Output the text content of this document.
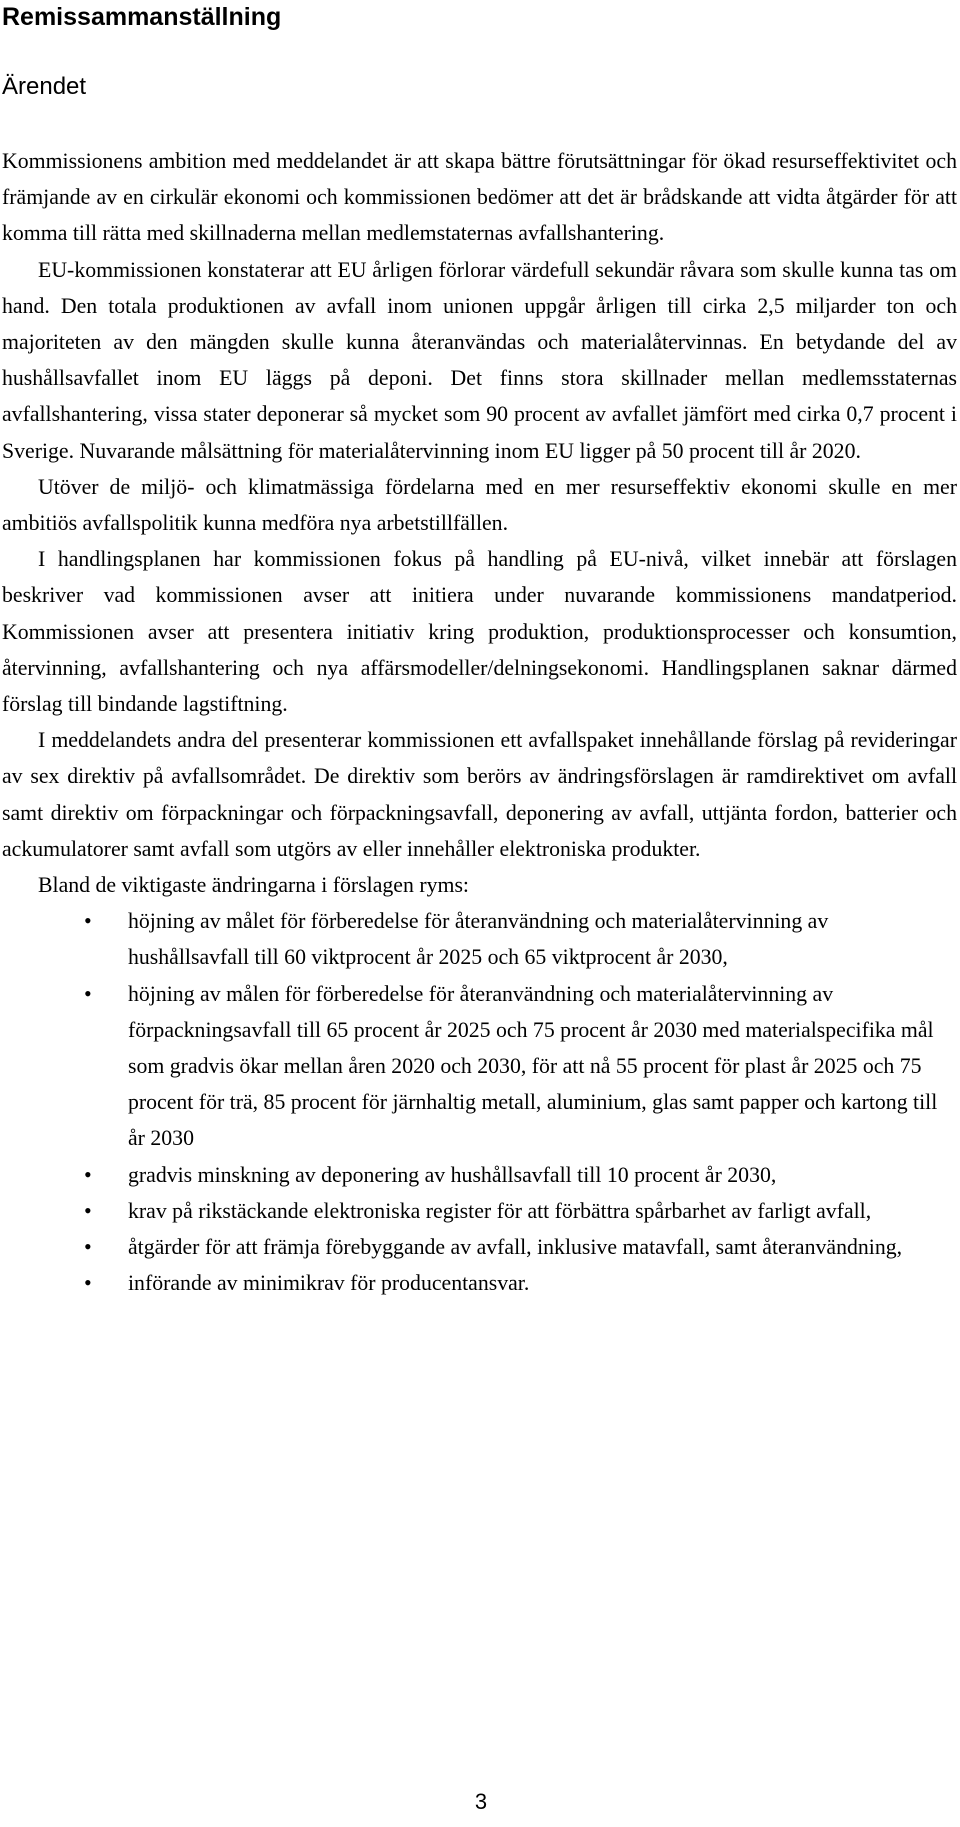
Remissammanställning
Ärendet

Kommissionens ambition med meddelandet är att skapa bättre förutsättningar för ökad resurseffektivitet och främjande av en cirkulär ekonomi och kommissionen bedömer att det är brådskande att vidta åtgärder för att komma till rätta med skillnaderna mellan medlemstaternas avfallshantering.

EU-kommissionen konstaterar att EU årligen förlorar värdefull sekundär råvara som skulle kunna tas om hand. Den totala produktionen av avfall inom unionen uppgår årligen till cirka 2,5 miljarder ton och majoriteten av den mängden skulle kunna återanvändas och materialåtervinnas. En betydande del av hushållsavfallet inom EU läggs på deponi. Det finns stora skillnader mellan medlemsstaternas avfallshantering, vissa stater deponerar så mycket som 90 procent av avfallet jämfört med cirka 0,7 procent i Sverige. Nuvarande målsättning för materialåtervinning inom EU ligger på 50 procent till år 2020.

Utöver de miljö- och klimatmässiga fördelarna med en mer resurseffektiv ekonomi skulle en mer ambitiös avfallspolitik kunna medföra nya arbetstillfällen.

I handlingsplanen har kommissionen fokus på handling på EU-nivå, vilket innebär att förslagen beskriver vad kommissionen avser att initiera under nuvarande kommissionens mandatperiod. Kommissionen avser att presentera initiativ kring produktion, produktionsprocesser och konsumtion, återvinning, avfallshantering och nya affärsmodeller/delningsekonomi. Handlingsplanen saknar därmed förslag till bindande lagstiftning.

I meddelandets andra del presenterar kommissionen ett avfallspaket innehållande förslag på revideringar av sex direktiv på avfallsområdet. De direktiv som berörs av ändringsförslagen är ramdirektivet om avfall samt direktiv om förpackningar och förpackningsavfall, deponering av avfall, uttjänta fordon, batterier och ackumulatorer samt avfall som utgörs av eller innehåller elektroniska produkter.

Bland de viktigaste ändringarna i förslagen ryms:

• höjning av målet för förberedelse för återanvändning och materialåtervinning av hushållsavfall till 60 viktprocent år 2025 och 65 viktprocent år 2030,
• höjning av målen för förberedelse för återanvändning och materialåtervinning av förpackningsavfall till 65 procent år 2025 och 75 procent år 2030 med materialspecifika mål som gradvis ökar mellan åren 2020 och 2030, för att nå 55 procent för plast år 2025 och 75 procent för trä, 85 procent för järnhaltig metall, aluminium, glas samt papper och kartong till år 2030
• gradvis minskning av deponering av hushållsavfall till 10 procent år 2030,
• krav på rikstäckande elektroniska register för att förbättra spårbarhet av farligt avfall,
• åtgärder för att främja förebyggande av avfall, inklusive matavfall, samt återanvändning,
• införande av minimikrav för producentansvar.
3
